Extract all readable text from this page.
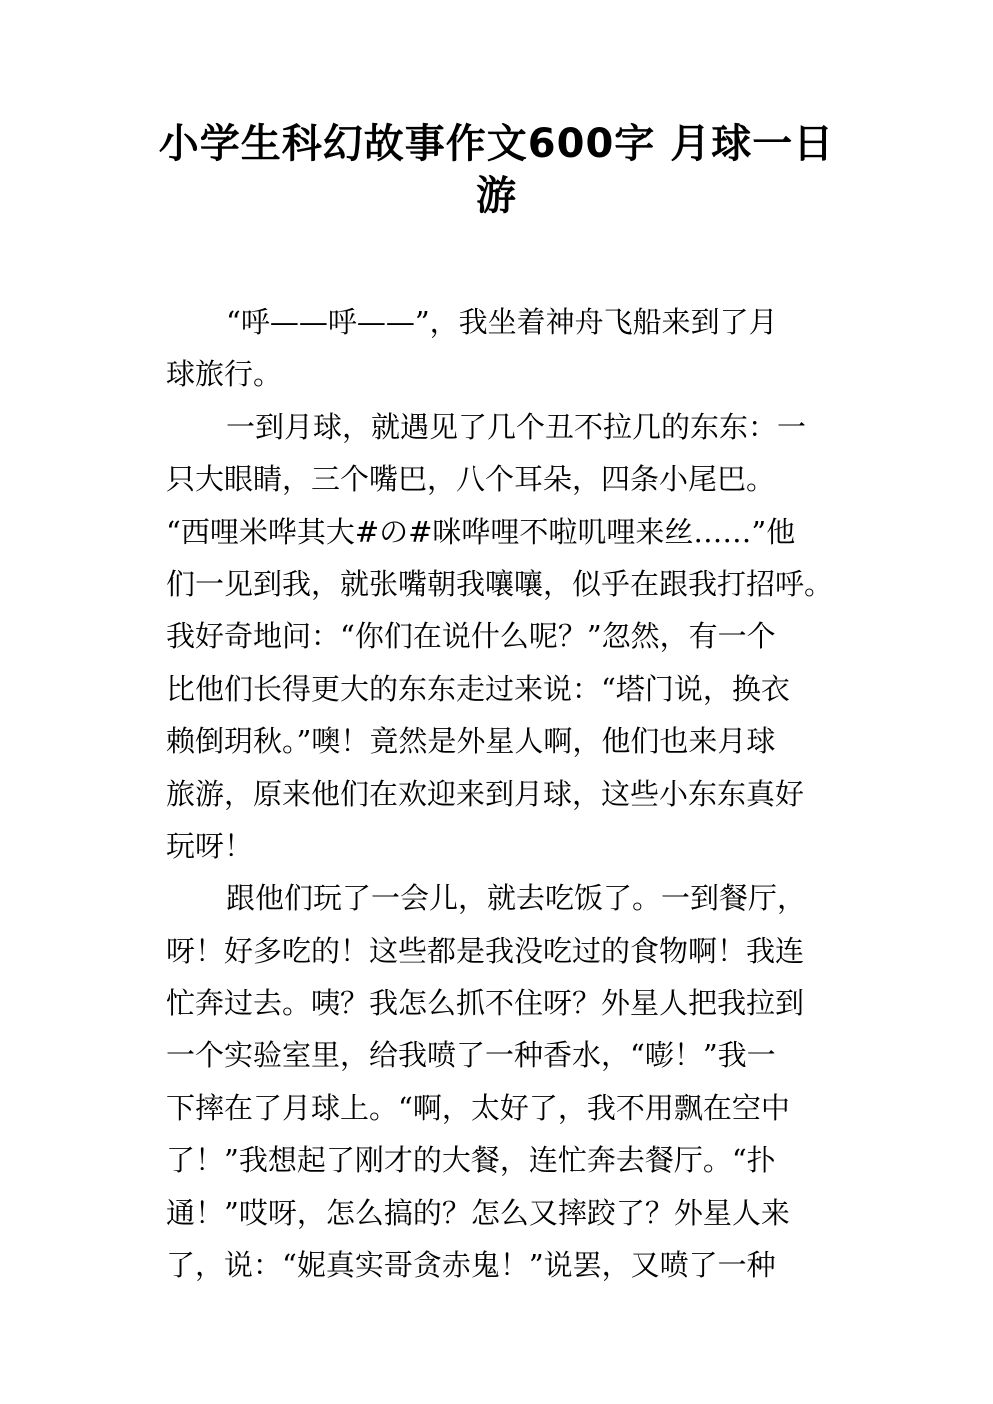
小学生科幻故事作文600字 月球一日
游
“呼——呼——”，我坐着神舟飞船来到了月
球旅行。
一到月球，就遇见了几个丑不拉几的东东：一
只大眼睛，三个嘴巴，八个耳朵，四条小尾巴。
“西哩米哗其大#の#咪哗哩不啦叽哩来丝……”他
们一见到我，就张嘴朝我嚷嚷，似乎在跟我打招呼。
我好奇地问：“你们在说什么呢？”忽然，有一个
比他们长得更大的东东走过来说：“塔门说，换衣
赖倒玥秋。”噢！竟然是外星人啊，他们也来月球
旅游，原来他们在欢迎来到月球，这些小东东真好
玩呀！
跟他们玩了一会儿，就去吃饭了。一到餐厅，
呀！好多吃的！这些都是我没吃过的食物啊！我连
忙奔过去。咦？我怎么抓不住呀？外星人把我拉到
一个实验室里，给我喷了一种香水，“嘭！”我一
下摔在了月球上。“啊，太好了，我不用飘在空中
了！”我想起了刚才的大餐，连忙奔去餐厅。“扑
通！”哎呀，怎么搞的？怎么又摔跤了？外星人来
了，说：“妮真实哥贪赤鬼！”说罢，又喷了一种
